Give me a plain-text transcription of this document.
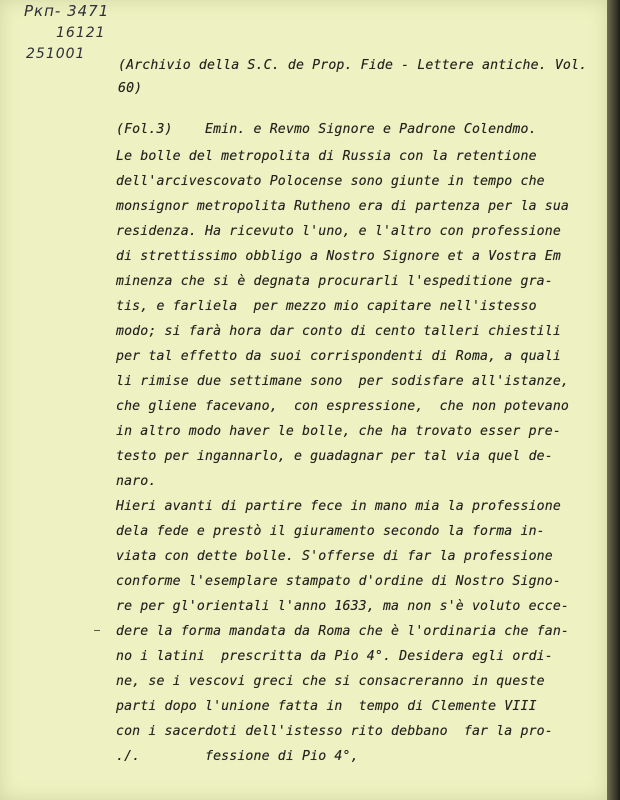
Pкп- 3471
16121
251001
(Archivio della S.C. de Prop. Fide - Lettere antiche. Vol.
60)
(Fol.3)    Emin. e Revmo Signore e Padrone Colendmo.
Le bolle del metropolita di Russia con la retentione
dell'arcivescovato Polocense sono giunte in tempo che
monsignor metropolita Rutheno era di partenza per la sua
residenza. Ha ricevuto l'uno, e l'altro con professione
di strettissimo obbligo a Nostro Signore et a Vostra Em
minenza che si è degnata procurarli l'espeditione gra-
tis, e farliela  per mezzo mio capitare nell'istesso
modo; si farà hora dar conto di cento talleri chiestili
per tal effetto da suoi corrispondenti di Roma, a quali
li rimise due settimane sono  per sodisfare all'istanze,
che gliene facevano,  con espressione,  che non potevano
in altro modo haver le bolle, che ha trovato esser pre-
testo per ingannarlo, e guadagnar per tal via quel de-
naro.
Hieri avanti di partire fece in mano mia la professione
dela fede e prestò il giuramento secondo la forma in-
viata con dette bolle. S'offerse di far la professione
conforme l'esemplare stampato d'ordine di Nostro Signo-
re per gl'orientali l'anno 1633, ma non s'è voluto ecce-
dere la forma mandata da Roma che è l'ordinaria che fan-
no i latini  prescritta da Pio 4°. Desidera egli ordi-
ne, se i vescovi greci che si consacreranno in queste
parti dopo l'unione fatta in  tempo di Clemente VIII
con i sacerdoti dell'istesso rito debbano  far la pro-
./.        fessione di Pio 4°,
